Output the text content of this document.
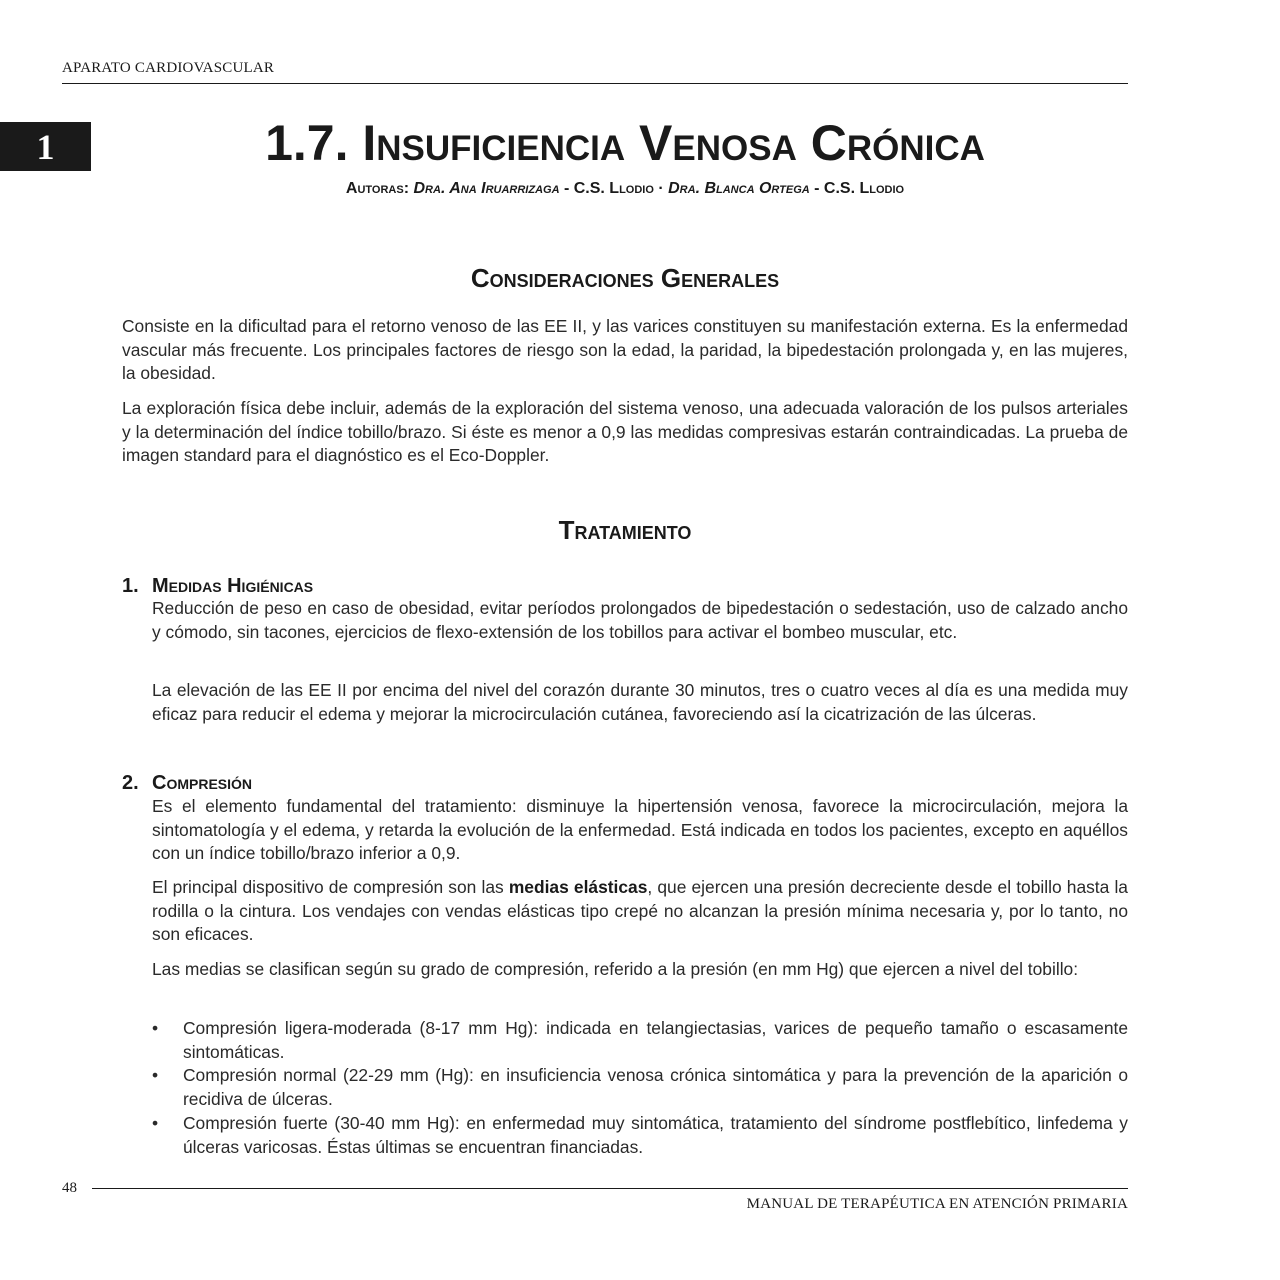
APARATO CARDIOVASCULAR
1	1.7. Insuficiencia Venosa Crónica
Autoras: Dra. Ana Iruarrizaga - C.S. Llodio · Dra. Blanca Ortega - C.S. Llodio
Consideraciones Generales

Consiste en la dificultad para el retorno venoso de las EE II, y las varices constituyen su manifestación externa. Es la enfermedad vascular más frecuente. Los principales factores de riesgo son la edad, la paridad, la bipedestación prolongada y, en las mujeres, la obesidad.

La exploración física debe incluir, además de la exploración del sistema venoso, una adecuada valoración de los pulsos arteriales y la determinación del índice tobillo/brazo. Si éste es menor a 0,9 las medidas compresivas estarán contraindicadas. La prueba de imagen standard para el diagnóstico es el Eco-Doppler.

Tratamiento
1. Medidas Higiénicas

Reducción de peso en caso de obesidad, evitar períodos prolongados de bipedestación o sedestación, uso de calzado ancho y cómodo, sin tacones, ejercicios de flexo-extensión de los tobillos para activar el bombeo muscular, etc.

La elevación de las EE II por encima del nivel del corazón durante 30 minutos, tres o cuatro veces al día es una medida muy eficaz para reducir el edema y mejorar la microcirculación cutánea, favoreciendo así la cicatrización de las úlceras.

2. Compresión

Es el elemento fundamental del tratamiento: disminuye la hipertensión venosa, favorece la microcirculación, mejora la sintomatología y el edema, y retarda la evolución de la enfermedad. Está indicada en todos los pacientes, excepto en aquéllos con un índice tobillo/brazo inferior a 0,9.

El principal dispositivo de compresión son las medias elásticas, que ejercen una presión decreciente desde el tobillo hasta la rodilla o la cintura. Los vendajes con vendas elásticas tipo crepé no alcanzan la presión mínima necesaria y, por lo tanto, no son eficaces.

Las medias se clasifican según su grado de compresión, referido a la presión (en mm Hg) que ejercen a nivel del tobillo:

• Compresión ligera-moderada (8-17 mm Hg): indicada en telangiectasias, varices de pequeño tamaño o escasamente sintomáticas.
• Compresión normal (22-29 mm (Hg): en insuficiencia venosa crónica sintomática y para la prevención de la aparición o recidiva de úlceras.
• Compresión fuerte (30-40 mm Hg): en enfermedad muy sintomática, tratamiento del síndrome postflebítico, linfedema y úlceras varicosas. Éstas últimas se encuentran financiadas.
48
MANUAL DE TERAPÉUTICA EN ATENCIÓN PRIMARIA
